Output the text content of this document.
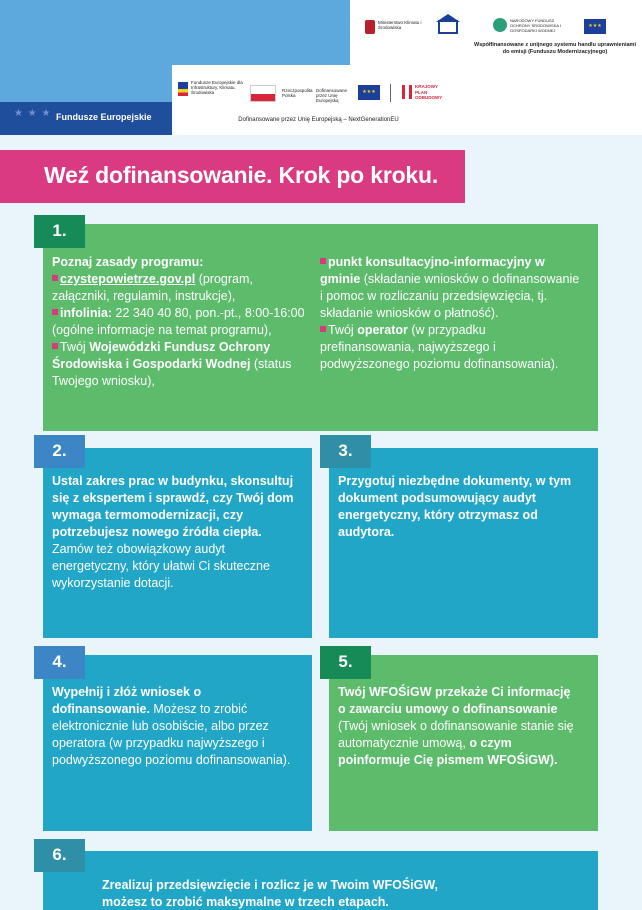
★ ★ ★ Fundusze Europejskie
Ministerstwo Klimatu i Środowiska
NARODOWY FUNDUSZ OCHRONY ŚRODOWISKA I GOSPODARKI WODNEJ
★★★
Współfinansowane z unijnego systemu handlu uprawnieniami do emisji (Funduszu Modernizacyjnego)
Fundusze Europejskie dla Infrastruktury, Klimatu, Środowiska	Rzeczpospolita Polska
Dofinansowane przez Unię Europejską
★★★
KRAJOWY PLAN ODBUDOWY
Dofinansowane przez Unię Europejską – NextGenerationEU
Weź dofinansowanie. Krok po kroku.
1.
Poznaj zasady programu:
czystepowietrze.gov.pl (program, załączniki, regulamin, instrukcje),
infolinia: 22 340 40 80, pon.-pt., 8:00-16:00 (ogólne informacje na temat programu),
Twój Wojewódzki Fundusz Ochrony Środowiska i Gospodarki Wodnej (status Twojego wniosku),
punkt konsultacyjno-informacyjny w gminie (składanie wniosków o dofinansowanie i pomoc w rozliczaniu przedsięwzięcia, tj. składanie wniosków o płatność).
Twój operator (w przypadku prefinansowania, najwyższego i podwyższonego poziomu dofinansowania).
2.
Ustal zakres prac w budynku, skonsultuj się z ekspertem i sprawdź, czy Twój dom wymaga termomodernizacji, czy potrzebujesz nowego źródła ciepła. Zamów też obowiązkowy audyt energetyczny, który ułatwi Ci skuteczne wykorzystanie dotacji.
3.
Przygotuj niezbędne dokumenty, w tym dokument podsumowujący audyt energetyczny, który otrzymasz od audytora.
4.
Wypełnij i złóż wniosek o dofinansowanie. Możesz to zrobić elektronicznie lub osobiście, albo przez operatora (w przypadku najwyższego i podwyższonego poziomu dofinansowania).
5.
Twój WFOŚiGW przekaże Ci informację o zawarciu umowy o dofinansowanie (Twój wniosek o dofinansowanie stanie się automatycznie umową, o czym poinformuje Cię pismem WFOŚiGW).
6.
Zrealizuj przedsięwzięcie i rozlicz je w Twoim WFOŚiGW, możesz to zrobić maksymalne w trzech etapach.
